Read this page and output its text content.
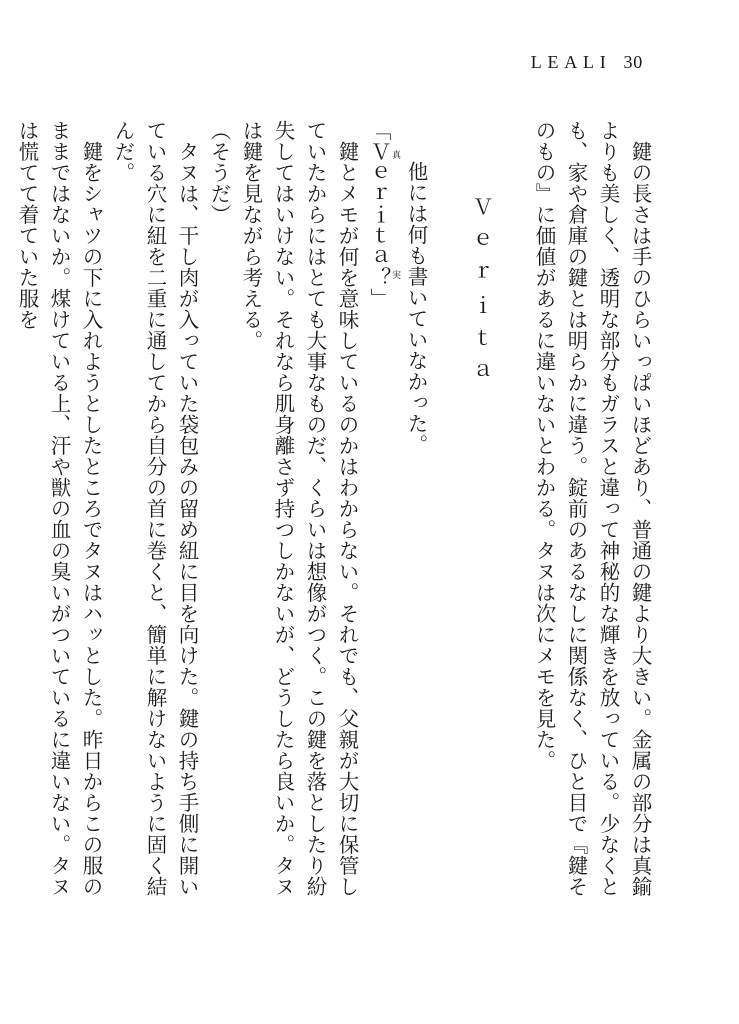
LEALI 30

鍵の長さは手のひらいっぱいほどあり、普通の鍵より大きい。金属の部分は真鍮よりも美しく、透明な部分もガラスと違って神秘的な輝きを放っている。少なくとも、家や倉庫の鍵とは明らかに違う。錠前のあるなしに関係なく、ひと目で『鍵そのもの』に価値があるに違いないとわかる。タヌは次にメモを見た。

Ｖｅｒｉｔａ

他には何も書いていなかった。

「Ｖｅｒｉｔａ？ 真実」

鍵とメモが何を意味しているのかはわからない。それでも、父親が大切に保管していたからにはとても大事なものだ、くらいは想像がつく。この鍵を落としたり紛失してはいけない。それなら肌身離さず持つしかないが、どうしたら良いか。タヌは鍵を見ながら考える。

（そうだ）

タヌは、干し肉が入っていた袋包みの留め紐に目を向けた。鍵の持ち手側に開いている穴に紐を二重に通してから自分の首に巻くと、簡単に解けないように固く結んだ。

鍵をシャツの下に入れようとしたところでタヌはハッとした。昨日からこの服のままではないか。煤けている上、汗や獣の血の臭いがついているに違いない。タヌは慌てて着ていた服を
